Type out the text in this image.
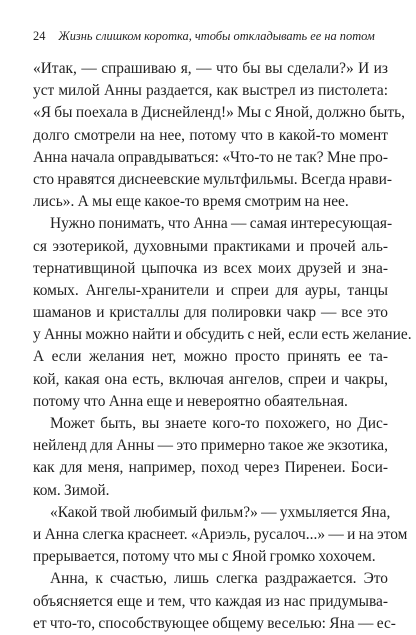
24 Жизнь слишком коротка, чтобы откладывать ее на потом
«Итак, — спрашиваю я, — что бы вы сделали?» И из
уст милой Анны раздается, как выстрел из пистолета:
«Я бы поехала в Диснейленд!» Мы с Яной, должно быть,
долго смотрели на нее, потому что в какой-то момент
Анна начала оправдываться: «Что-то не так? Мне про-
сто нравятся диснеевские мультфильмы. Всегда нрави-
лись». А мы еще какое-то время смотрим на нее.
Нужно понимать, что Анна — самая интересующая-
ся эзотерикой, духовными практиками и прочей аль-
тернативщиной цыпочка из всех моих друзей и зна-
комых. Ангелы-хранители и спреи для ауры, танцы
шаманов и кристаллы для полировки чакр — все это
у Анны можно найти и обсудить с ней, если есть желание.
А если желания нет, можно просто принять ее та-
кой, какая она есть, включая ангелов, спреи и чакры,
потому что Анна еще и невероятно обаятельная.
Может быть, вы знаете кого-то похожего, но Дис-
нейленд для Анны — это примерно такое же экзотика,
как для меня, например, поход через Пиренеи. Боси-
ком. Зимой.
«Какой твой любимый фильм?» — ухмыляется Яна,
и Анна слегка краснеет. «Ариэль, русалоч...» — и на этом
прерывается, потому что мы с Яной громко хохочем.
Анна, к счастью, лишь слегка раздражается. Это
объясняется еще и тем, что каждая из нас придумыва-
ет что-то, способствующее общему веселью: Яна — ес-
